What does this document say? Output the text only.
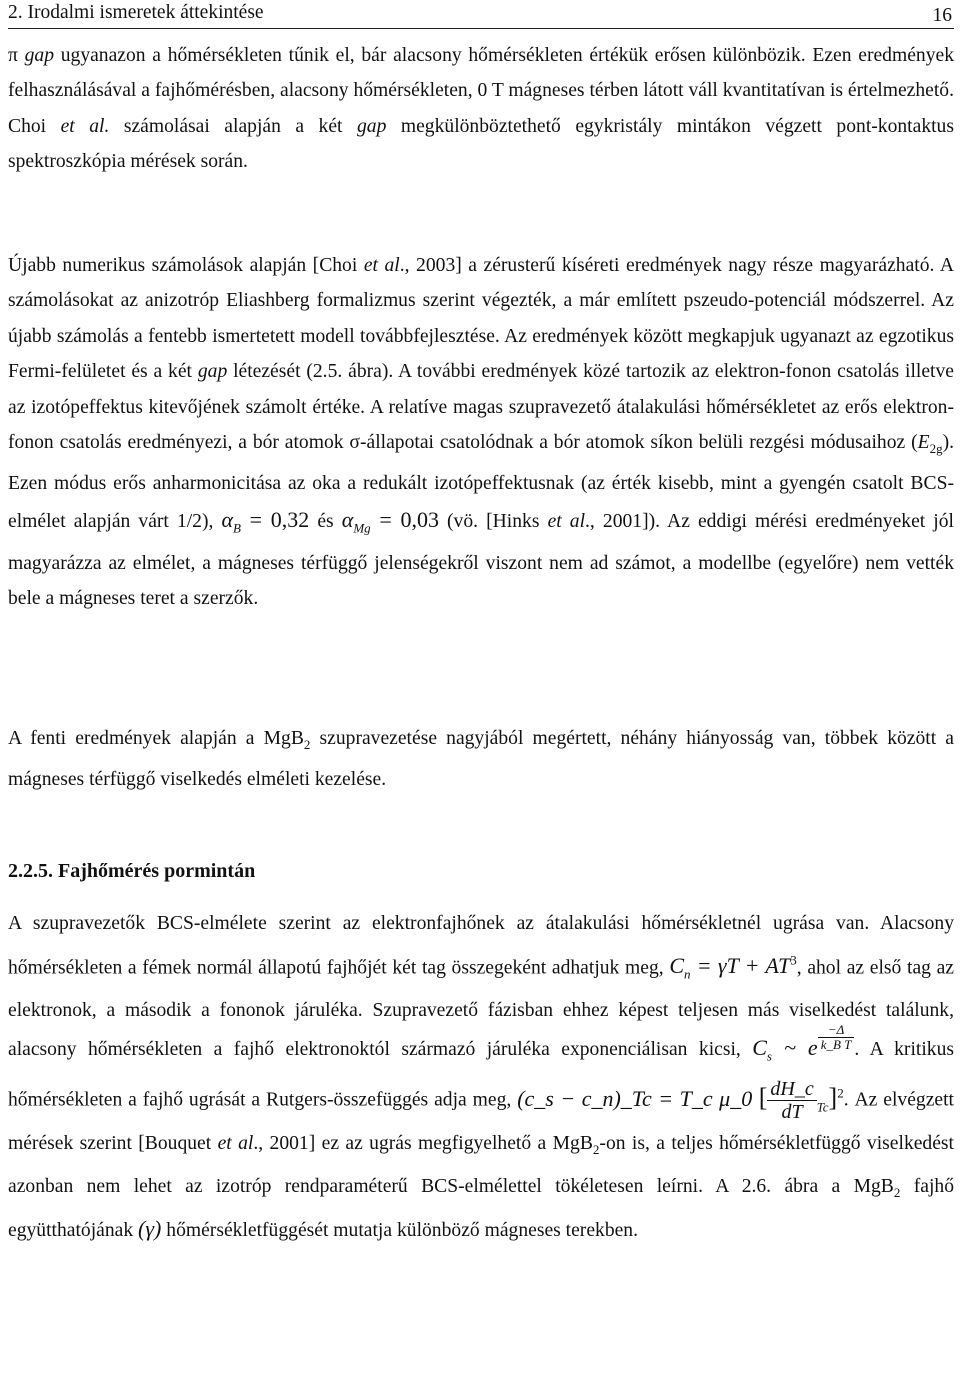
2. Irodalmi ismeretek áttekintése	16

π gap ugyanazon a hőmérsékleten tűnik el, bár alacsony hőmérsékleten értékük erősen különbözik. Ezen eredmények felhasználásával a fajhőmérésben, alacsony hőmérsékleten, 0 T mágneses térben látott váll kvantitatívan is értelmezhető. Choi et al. számolásai alapján a két gap megkülönböztethető egykristály mintákon végzett pont-kontaktus spektroszkópia mérések során.

Újabb numerikus számolások alapján [Choi et al., 2003] a zérusterű kíséreti eredmények nagy része magyarázható. A számolásokat az anizotróp Eliashberg formalizmus szerint végezték, a már említett pszeudo-potenciál módszerrel. Az újabb számolás a fentebb ismertetett modell továbbfejlesztése. Az eredmények között megkapjuk ugyanazt az egzotikus Fermi-felületet és a két gap létezését (2.5. ábra). A további eredmények közé tartozik az elektron-fonon csatolás illetve az izotópeffektus kitevőjének számolt értéke. A relatíve magas szupravezető átalakulási hőmérsékletet az erős elektron-fonon csatolás eredményezi, a bór atomok σ-állapotai csatolódnak a bór atomok síkon belüli rezgési módusaihoz $(E_{2g})$. Ezen módus erős anharmonicitása az oka a redukált izotópeffektusnak (az érték kisebb, mint a gyengén csatolt BCS-elmélet alapján várt 1/2), $\alpha_B = 0,32$ és $\alpha_{Mg} = 0,03$ (vö. [Hinks et al., 2001]). Az eddigi mérési eredményeket jól magyarázza az elmélet, a mágneses térfüggő jelenségekről viszont nem ad számot, a modellbe (egyelőre) nem vették bele a mágneses teret a szerzők.

A fenti eredmények alapján a MgB$_2$ szupravezetése nagyjából megértett, néhány hiányosság van, többek között a mágneses térfüggő viselkedés elméleti kezelése.

2.2.5. Fajhőmérés pormintán

A szupravezetők BCS-elmélete szerint az elektronfajhőnek az átalakulási hőmérsékletnél ugrása van. Alacsony hőmérsékleten a fémek normál állapotú fajhőjét két tag összegeként adhatjuk meg, $C_n = \gamma T + AT^3$, ahol az első tag az elektronok, a második a fononok járuléka. Szupravezető fázisban ehhez képest teljesen más viselkedést találunk, alacsony hőmérsékleten a fajhő elektronoktól származó járuléka exponenciálisan kicsi, $C_s$ ~ e $\frac{-\Delta}{\text{k\_B T}}$ . A kritikus hőmérsékleten a fajhő ugrását a Rutgers-összefüggés adja meg, (c_s − c_n)_Tc = T_c μ_0 [ $\frac{dH\_c}{dT} _{Tc}]^2$. Az elvégzett mérések szerint [Bouquet et al., 2001] ez az ugrás megfigyelhető a MgB$_2$-on is, a teljes hőmérsékletfüggő viselkedést azonban nem lehet az izotróp rendparaméterű BCS-elmélettel tökéletesen leírni. A 2.6. ábra a MgB$_2$ fajhő együtthatójának (γ) hőmérsékletfüggését mutatja különböző mágneses terekben.
